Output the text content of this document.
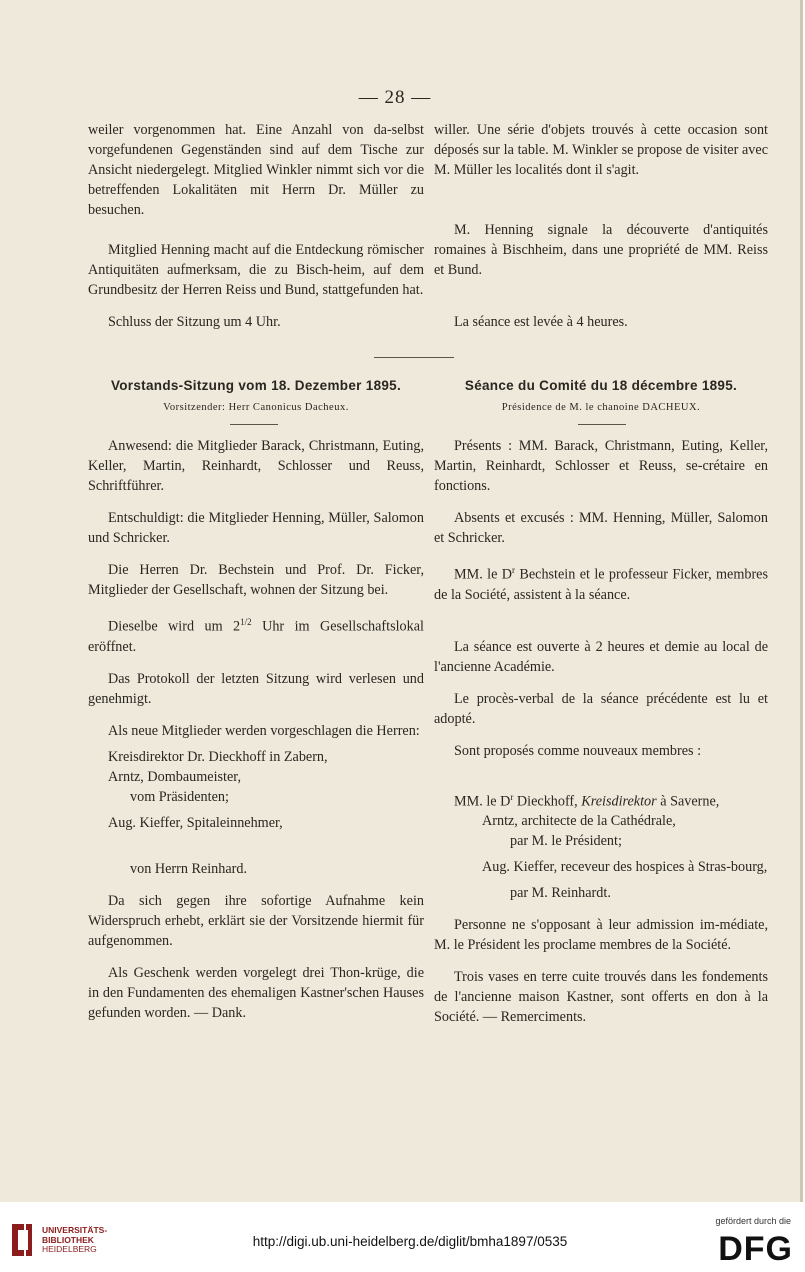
— 28 —

weiler vorgenommen hat. Eine Anzahl von da-selbst vorgefundenen Gegenständen sind auf dem Tische zur Ansicht niedergelegt. Mitglied Winkler nimmt sich vor die betreffenden Lokalitäten mit Herrn Dr. Müller zu besuchen.

Mitglied Henning macht auf die Entdeckung römischer Antiquitäten aufmerksam, die zu Bisch-heim, auf dem Grundbesitz der Herren Reiss und Bund, stattgefunden hat.

Schluss der Sitzung um 4 Uhr.

willer. Une série d'objets trouvés à cette occasion sont déposés sur la table. M. Winkler se propose de visiter avec M. Müller les localités dont il s'agit.

M. Henning signale la découverte d'antiquités romaines à Bischheim, dans une propriété de MM. Reiss et Bund.

La séance est levée à 4 heures.

Vorstands-Sitzung vom 18. Dezember 1895.
Vorsitzender: Herr Canonicus Dacheux.
Séance du Comité du 18 décembre 1895.
Présidence de M. le chanoine DACHEUX.

Anwesend: die Mitglieder Barack, Christmann, Euting, Keller, Martin, Reinhardt, Schlosser und Reuss, Schriftführer.

Entschuldigt: die Mitglieder Henning, Müller, Salomon und Schricker.

Die Herren Dr. Bechstein und Prof. Dr. Ficker, Mitglieder der Gesellschaft, wohnen der Sitzung bei.

Dieselbe wird um $2^{1/2}$ Uhr im Gesellschaftslokal eröffnet.

Das Protokoll der letzten Sitzung wird verlesen und genehmigt.

Als neue Mitglieder werden vorgeschlagen die Herren:

Kreisdirektor Dr. Dieckhoff in Zabern,

Arntz, Dombaumeister,

vom Präsidenten;

Aug. Kieffer, Spitaleinnehmer,

von Herrn Reinhard.

Da sich gegen ihre sofortige Aufnahme kein Widerspruch erhebt, erklärt sie der Vorsitzende hiermit für aufgenommen.

Als Geschenk werden vorgelegt drei Thon-krüge, die in den Fundamenten des ehemaligen Kastner'schen Hauses gefunden worden. — Dank.

Présents : MM. Barack, Christmann, Euting, Keller, Martin, Reinhardt, Schlosser et Reuss, se-crétaire en fonctions.

Absents et excusés : MM. Henning, Müller, Salomon et Schricker.

MM. le $D^r$ Bechstein et le professeur Ficker, membres de la Société, assistent à la séance.

La séance est ouverte à 2 heures et demie au local de l'ancienne Académie.

Le procès-verbal de la séance précédente est lu et adopté.

Sont proposés comme nouveaux membres :

MM. le $D^r$ Dieckhoff, Kreisdirektor à Saverne,

Arntz, architecte de la Cathédrale,

par M. le Président;

Aug. Kieffer, receveur des hospices à Stras-bourg,

par M. Reinhardt.

Personne ne s'opposant à leur admission im-médiate, M. le Président les proclame membres de la Société.

Trois vases en terre cuite trouvés dans les fondements de l'ancienne maison Kastner, sont offerts en don à la Société. — Remerciments.

UNIVERSITÄTS-
BIBLIOTHEK
HEIDELBERG	http://digi.ub.uni-heidelberg.de/diglit/bmha1897/0535
gefördert durch die
DFG
